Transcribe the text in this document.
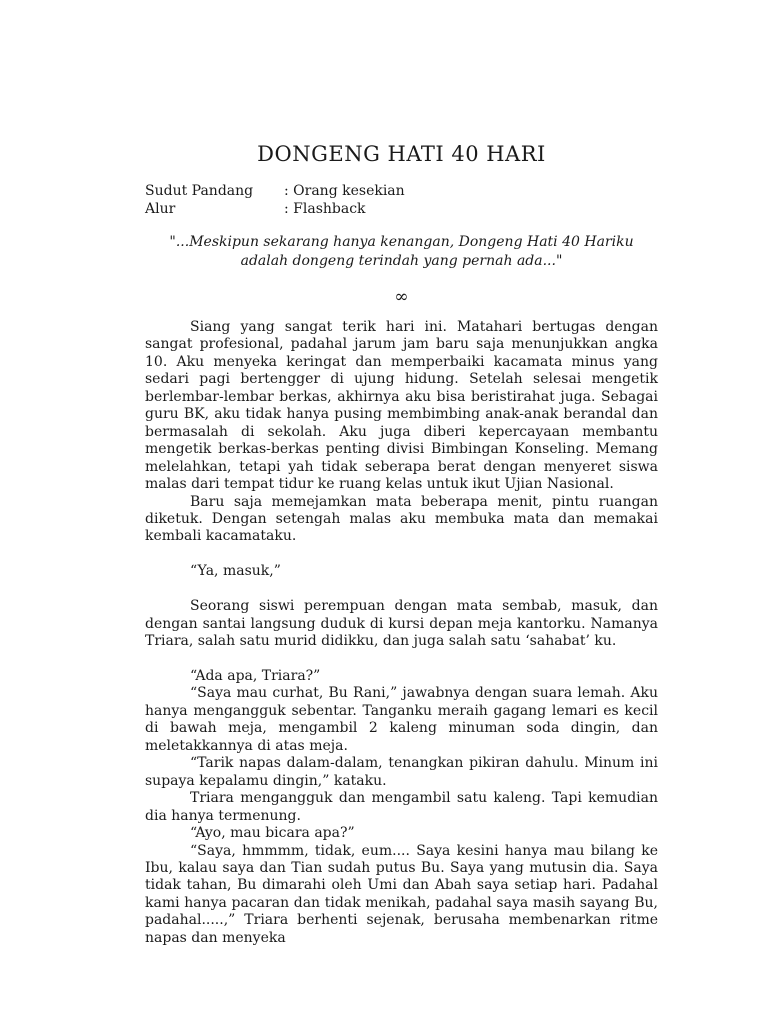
DONGENG HATI 40 HARI
Sudut Pandang	: Orang kesekian
Alur	: Flashback
"...Meskipun sekarang hanya kenangan, Dongeng Hati 40 Hariku adalah dongeng terindah yang pernah ada..."
∞

Siang yang sangat terik hari ini. Matahari bertugas dengan sangat profesional, padahal jarum jam baru saja menunjukkan angka 10. Aku menyeka keringat dan memperbaiki kacamata minus yang sedari pagi bertengger di ujung hidung. Setelah selesai mengetik berlembar-lembar berkas, akhirnya aku bisa beristirahat juga. Sebagai guru BK, aku tidak hanya pusing membimbing anak-anak berandal dan bermasalah di sekolah. Aku juga diberi kepercayaan membantu mengetik berkas-berkas penting divisi Bimbingan Konseling. Memang melelahkan, tetapi yah tidak seberapa berat dengan menyeret siswa malas dari tempat tidur ke ruang kelas untuk ikut Ujian Nasional.

Baru saja memejamkan mata beberapa menit, pintu ruangan diketuk. Dengan setengah malas aku membuka mata dan memakai kembali kacamataku.

“Ya, masuk,”

Seorang siswi perempuan dengan mata sembab, masuk, dan dengan santai langsung duduk di kursi depan meja kantorku. Namanya Triara, salah satu murid didikku, dan juga salah satu ‘sahabat’ ku.

“Ada apa, Triara?”

“Saya mau curhat, Bu Rani,” jawabnya dengan suara lemah. Aku hanya mengangguk sebentar. Tanganku meraih gagang lemari es kecil di bawah meja, mengambil 2 kaleng minuman soda dingin, dan meletakkannya di atas meja.

“Tarik napas dalam-dalam, tenangkan pikiran dahulu. Minum ini supaya kepalamu dingin,” kataku.

Triara mengangguk dan mengambil satu kaleng. Tapi kemudian dia hanya termenung.

“Ayo, mau bicara apa?”

“Saya, hmmmm, tidak, eum.... Saya kesini hanya mau bilang ke Ibu, kalau saya dan Tian sudah putus Bu. Saya yang mutusin dia. Saya tidak tahan, Bu dimarahi oleh Umi dan Abah saya setiap hari. Padahal kami hanya pacaran dan tidak menikah, padahal saya masih sayang Bu, padahal.....,” Triara berhenti sejenak, berusaha membenarkan ritme napas dan menyeka
